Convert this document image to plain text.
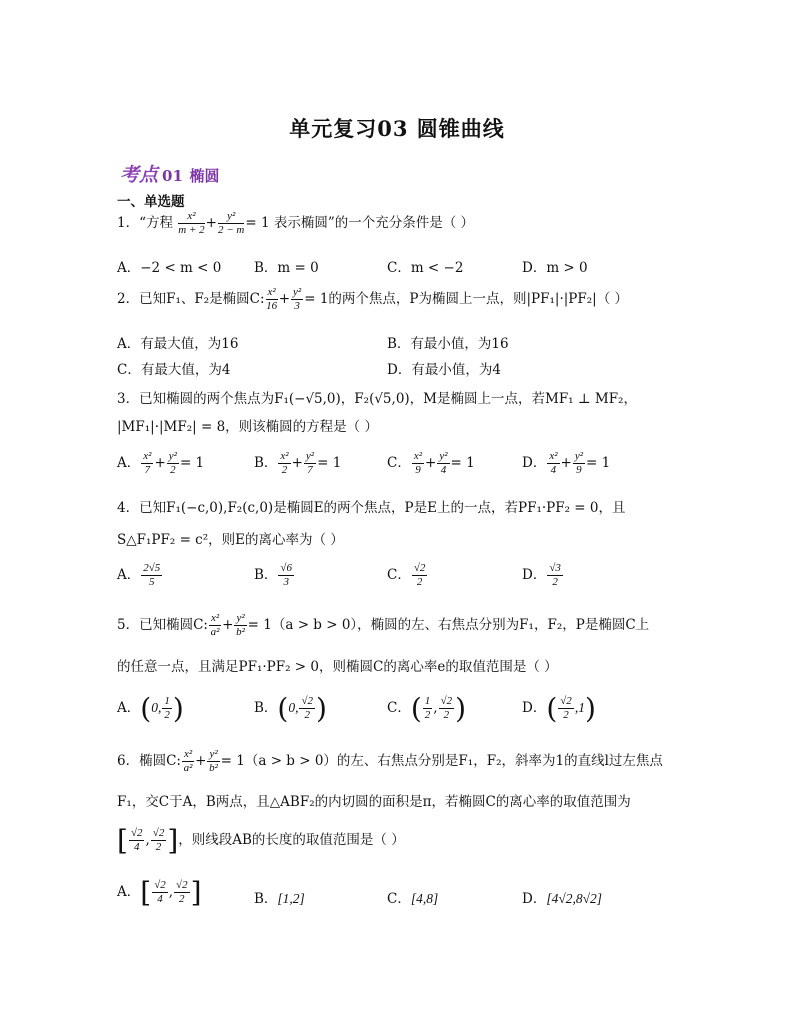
单元复习03 圆锥曲线
考点 01 椭圆
一、单选题
1．“方程 $\frac{\text{x²}}{m + 2} + \frac{\text{y²}}{2 - m} = 1$ 表示椭圆”的一个充分条件是（ ）
A．−2 < m < 0 B．m = 0	C．m < −2	D．m > 0
2．已知F₁、F₂是椭圆C: $\frac{\text{x²}}{16} + \frac{\text{y²}}{3} = 1$的两个焦点，P为椭圆上一点，则|PF₁|·|PF₂|（ ）
A．有最大值，为16	B．有最小值，为16
C．有最大值，为4	D．有最小值，为4
3．已知椭圆的两个焦点为F₁(−√5,0)，F₂(√5,0)，M是椭圆上一点，若MF₁ ⊥ MF₂，
|MF₁|·|MF₂| = 8，则该椭圆的方程是（ ）
A． $\frac{\text{x²}}{7} + \frac{\text{y²}}{2} = 1$	B． $\frac{\text{x²}}{2} + \frac{\text{y²}}{7} = 1$	C． $\frac{\text{x²}}{9} + \frac{\text{y²}}{4} = 1$	D． $\frac{\text{x²}}{4} + \frac{\text{y²}}{9} = 1$
4．已知F₁(−c,0),F₂(c,0)是椭圆E的两个焦点，P是E上的一点，若PF₁·PF₂ = 0，且
S△F₁PF₂ = c²，则E的离心率为（ ）
A． $\frac{2√5}{5}$	B． $\frac{√6}{3}$	C． $\frac{√2}{2}$	D． $\frac{√3}{2}$
5．已知椭圆C: $\frac{\text{x²}}{\text{a²}} + \frac{\text{y²}}{\text{b²}} = 1(a > b > 0)$，椭圆的左、右焦点分别为F₁，F₂，P是椭圆C上
的任意一点，且满足PF₁·PF₂ > 0，则椭圆C的离心率e的取值范围是（ ）
A．(0, $\frac{1}{2}$ )	B．(0, $\frac{√2}{2}$ )	C．( $\frac{1}{2}$ , $\frac{√2}{2}$ )	D．( $\frac{√2}{2} ,1$)
6．椭圆C: $\frac{\text{x²}}{\text{a²}} + \frac{\text{y²}}{\text{b²}} = 1(a > b > 0)$的左、右焦点分别是F₁，F₂，斜率为1的直线l过左焦点
F₁，交C于A，B两点，且△ABF₂的内切圆的面积是π，若椭圆C的离心率的取值范围为
[ $\frac{√2}{4}$ , $\frac{√2}{2}$ ]，则线段AB的长度的取值范围是（ ）
A．[ $\frac{√2}{4}$ , $\frac{√2}{2}$ ]	B．[1,2]	C．[4,8]	D．[4√2,8√2]
